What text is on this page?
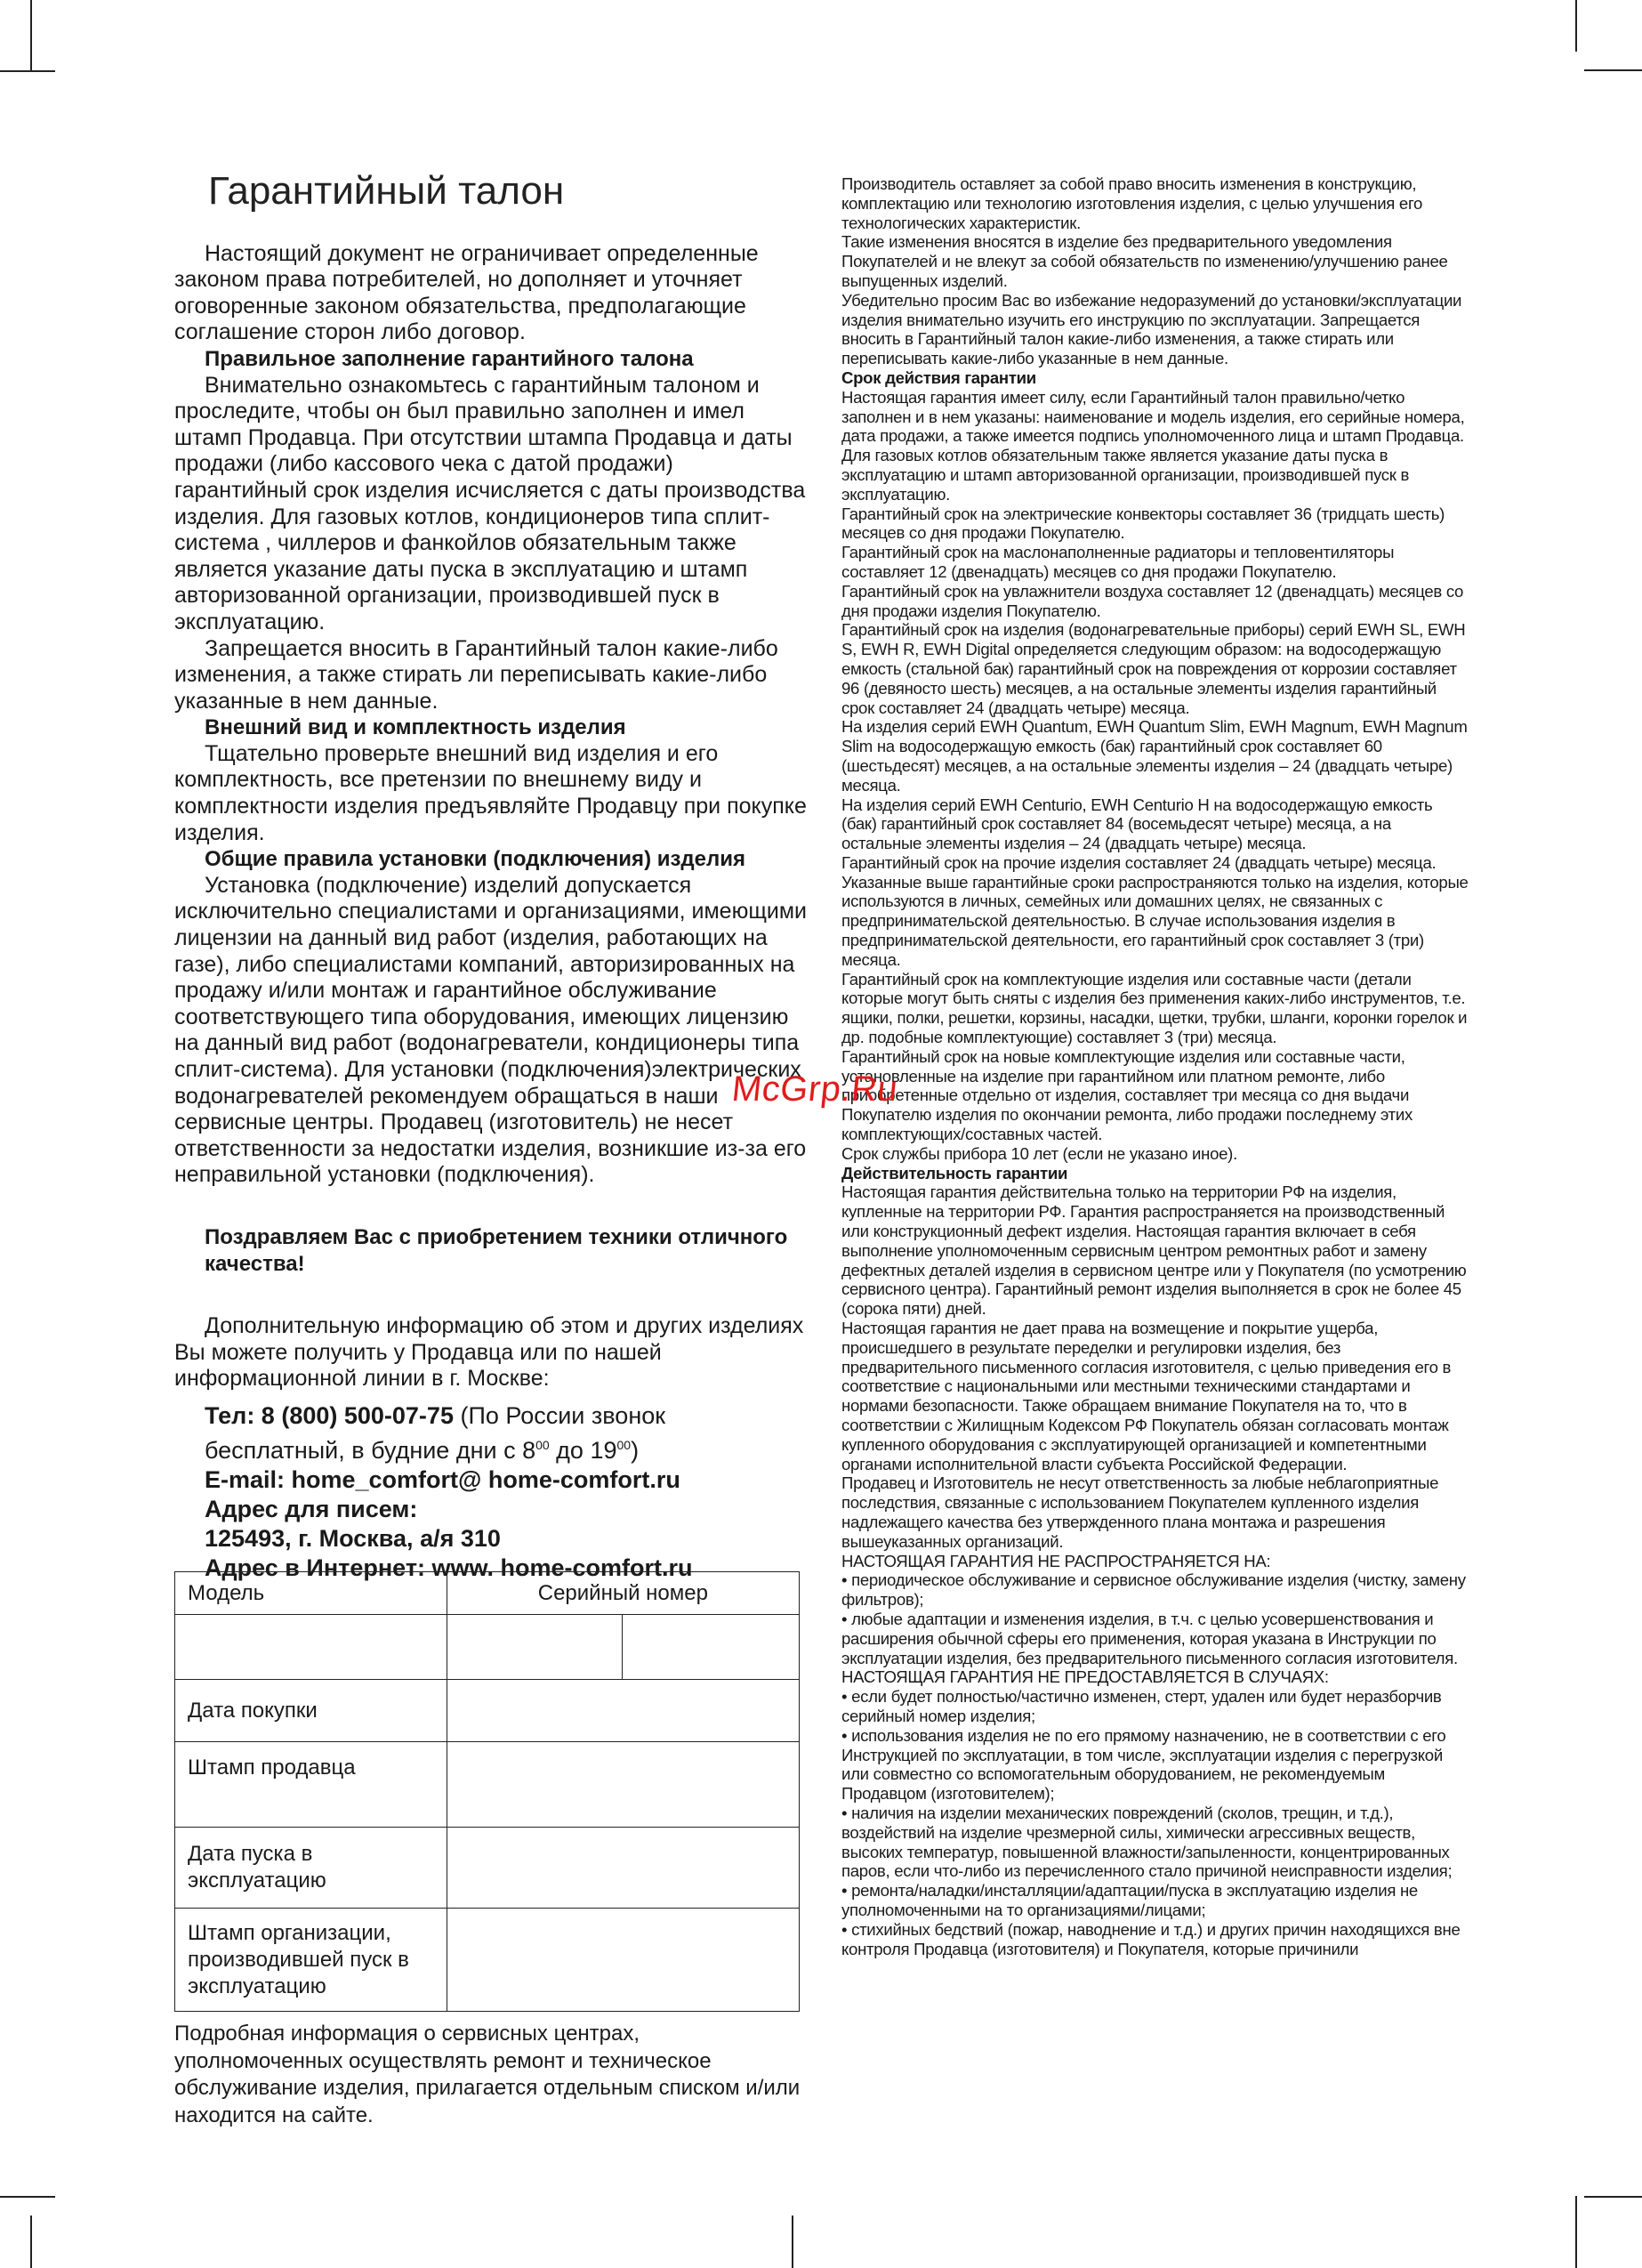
Гарантийный талон

Настоящий документ не ограничивает определенные законом права потребителей, но дополняет и уточняет оговоренные законом обязательства, предполагающие соглашение сторон либо договор.

Правильное заполнение гарантийного талона

Внимательно ознакомьтесь с гарантийным талоном и проследите, чтобы он был правильно заполнен и имел штамп Продавца. При отсутствии штампа Продавца и даты продажи (либо кассового чека с датой продажи) гарантийный срок изделия исчисляется с даты производства изделия. Для газовых котлов, кондиционеров типа сплит-система , чиллеров и фанкойлов обязательным также является указание даты пуска в эксплуатацию и штамп авторизованной организации, производившей пуск в эксплуатацию.

Запрещается вносить в Гарантийный талон какие-либо изменения, а также стирать ли переписывать какие-либо указанные в нем данные.

Внешний вид и комплектность изделия

Тщательно проверьте внешний вид изделия и его комплектность, все претензии по внешнему виду и комплектности изделия предъявляйте Продавцу при покупке изделия.

Общие правила установки (подключения) изделия

Установка (подключение) изделий допускается исключительно специалистами и организациями, имеющими лицензии на данный вид работ (изделия, работающих на газе), либо специалистами компаний, авторизированных на продажу и/или монтаж и гарантийное обслуживание соответствующего типа оборудования, имеющих лицензию на данный вид работ (водонагреватели, кондиционеры типа сплит-система). Для установки (подключения)электрических водонагревателей рекомендуем обращаться в наши сервисные центры. Продавец (изготовитель) не несет ответственности за недостатки изделия, возникшие из-за его неправильной установки (подключения).

Поздравляем Вас с приобретением техники отличного качества!

Дополнительную информацию об этом и других изделиях Вы можете получить у Продавца или по нашей информационной линии в г. Москве:

Тел: 8 (800) 500-07-75 (По России звонок бесплатный, в будние дни с $8^{00}$ до $19^{00}$)
E-mail: home_comfort@ home-comfort.ru
Адрес для писем:
125493, г. Москва, а/я 310
Адрес в Интернет: www. home-comfort.ru
Модель	Серийный номер	

Дата покупки		
Штамп продавца		
Дата пуска в эксплуатацию		
Штамп организации, производившей пуск в эксплуатацию		

Подробная информация о сервисных центрах, уполномоченных осуществлять ремонт и техническое обслуживание изделия, прилагается отдельным списком и/или находится на сайте.

Производитель оставляет за собой право вносить изменения в конструкцию, комплектацию или технологию изготовления изделия, с целью улучшения его технологических характеристик.

Такие изменения вносятся в изделие без предварительного уведомления Покупателей и не влекут за собой обязательств по изменению/улучшению ранее выпущенных изделий.

Убедительно просим Вас во избежание недоразумений до установки/эксплуатации изделия внимательно изучить его инструкцию по эксплуатации. Запрещается вносить в Гарантийный талон какие-либо изменения, а также стирать или переписывать какие-либо указанные в нем данные.

Срок действия гарантии

Настоящая гарантия имеет силу, если Гарантийный талон правильно/четко заполнен и в нем указаны: наименование и модель изделия, его серийные номера, дата продажи, а также имеется подпись уполномоченного лица и штамп Продавца. Для газовых котлов обязательным также является указание даты пуска в эксплуатацию и штамп авторизованной организации, производившей пуск в эксплуатацию.

Гарантийный срок на электрические конвекторы составляет 36 (тридцать шесть) месяцев со дня продажи Покупателю.

Гарантийный срок на маслонаполненные радиаторы и тепловентиляторы составляет 12 (двенадцать) месяцев со дня продажи Покупателю.

Гарантийный срок на увлажнители воздуха составляет 12 (двенадцать) месяцев со дня продажи изделия Покупателю.

Гарантийный срок на изделия (водонагревательные приборы) серий EWH SL, EWH S, EWH R, EWH Digital определяется следующим образом: на водосодержащую емкость (стальной бак) гарантийный срок на повреждения от коррозии составляет 96 (девяносто шесть) месяцев, а на остальные элементы изделия гарантийный срок составляет 24 (двадцать четыре) месяца.

На изделия серий EWH Quantum, EWH Quantum Slim, EWH Magnum, EWH Magnum Slim на водосодержащую емкость (бак) гарантийный срок составляет 60 (шестьдесят) месяцев, а на остальные элементы изделия – 24 (двадцать четыре) месяца.

На изделия серий EWH Centurio, EWH Centurio H на водосодержащую емкость (бак) гарантийный срок составляет 84 (восемьдесят четыре) месяца, а на остальные элементы изделия – 24 (двадцать четыре) месяца.

Гарантийный срок на прочие изделия составляет 24 (двадцать четыре) месяца. Указанные выше гарантийные сроки распространяются только на изделия, которые используются в личных, семейных или домашних целях, не связанных с предпринимательской деятельностью. В случае использования изделия в предпринимательской деятельности, его гарантийный срок составляет 3 (три) месяца.

Гарантийный срок на комплектующие изделия или составные части (детали которые могут быть сняты с изделия без применения каких-либо инструментов, т.е. ящики, полки, решетки, корзины, насадки, щетки, трубки, шланги, коронки горелок и др. подобные комплектующие) составляет 3 (три) месяца.

Гарантийный срок на новые комплектующие изделия или составные части, установленные на изделие при гарантийном или платном ремонте, либо приобретенные отдельно от изделия, составляет три месяца со дня выдачи Покупателю изделия по окончании ремонта, либо продажи последнему этих комплектующих/составных частей.

Срок службы прибора 10 лет (если не указано иное).

Действительность гарантии

Настоящая гарантия действительна только на территории РФ на изделия, купленные на территории РФ. Гарантия распространяется на производственный или конструкционный дефект изделия. Настоящая гарантия включает в себя выполнение уполномоченным сервисным центром ремонтных работ и замену дефектных деталей изделия в сервисном центре или у Покупателя (по усмотрению сервисного центра). Гарантийный ремонт изделия выполняется в срок не более 45 (сорока пяти) дней.

Настоящая гарантия не дает права на возмещение и покрытие ущерба, происшедшего в результате переделки и регулировки изделия, без предварительного письменного согласия изготовителя, с целью приведения его в соответствие с национальными или местными техническими стандартами и нормами безопасности. Также обращаем внимание Покупателя на то, что в соответствии с Жилищным Кодексом РФ Покупатель обязан согласовать монтаж купленного оборудования с эксплуатирующей организацией и компетентными органами исполнительной власти субъекта Российской Федерации.

Продавец и Изготовитель не несут ответственность за любые неблагоприятные последствия, связанные с использованием Покупателем купленного изделия надлежащего качества без утвержденного плана монтажа и разрешения вышеуказанных организаций.

НАСТОЯЩАЯ ГАРАНТИЯ НЕ РАСПРОСТРАНЯЕТСЯ НА:

• периодическое обслуживание и сервисное обслуживание изделия (чистку, замену фильтров);

• любые адаптации и изменения изделия, в т.ч. с целью усовершенствования и расширения обычной сферы его применения, которая указана в Инструкции по эксплуатации изделия, без предварительного письменного согласия изготовителя.

НАСТОЯЩАЯ ГАРАНТИЯ НЕ ПРЕДОСТАВЛЯЕТСЯ В СЛУЧАЯХ:

• если будет полностью/частично изменен, стерт, удален или будет неразборчив серийный номер изделия;

• использования изделия не по его прямому назначению, не в соответствии с его Инструкцией по эксплуатации, в том числе, эксплуатации изделия с перегрузкой или совместно со вспомогательным оборудованием, не рекомендуемым Продавцом (изготовителем);

• наличия на изделии механических повреждений (сколов, трещин, и т.д.), воздействий на изделие чрезмерной силы, химически агрессивных веществ, высоких температур, повышенной влажности/запыленности, концентрированных паров, если что-либо из перечисленного стало причиной неисправности изделия;

• ремонта/наладки/инсталляции/адаптации/пуска в эксплуатацию изделия не уполномоченными на то организациями/лицами;

• стихийных бедствий (пожар, наводнение и т.д.) и других причин находящихся вне контроля Продавца (изготовителя) и Покупателя, которые причинили

McGrp.Ru
